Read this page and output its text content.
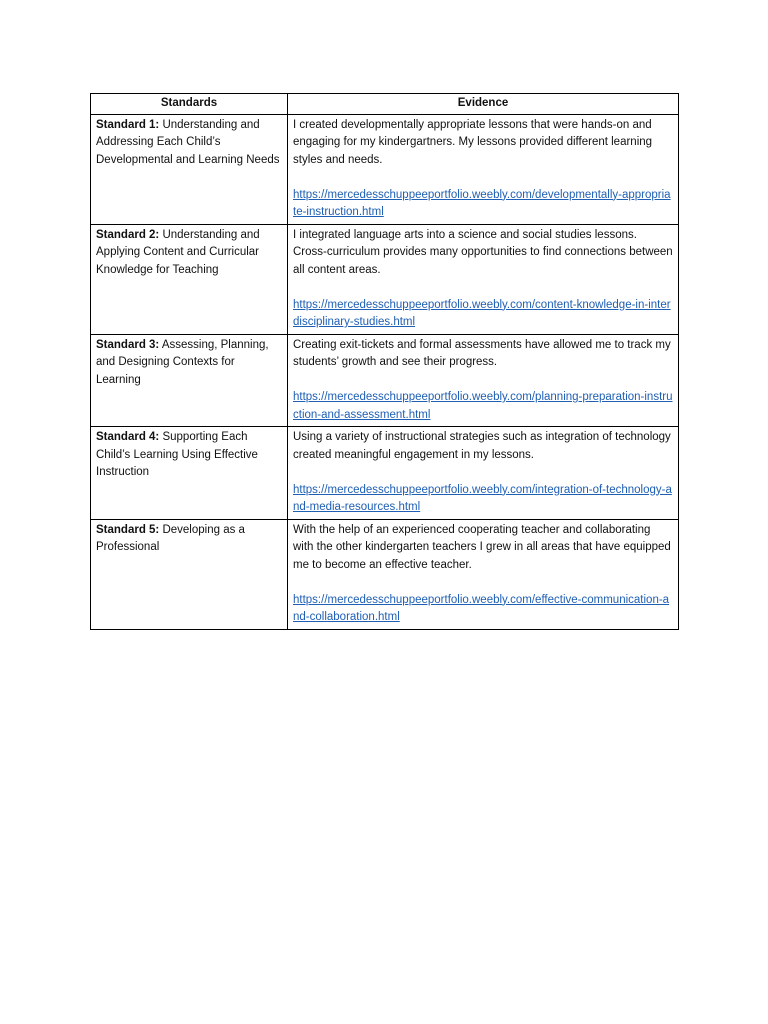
Standards	Evidence
Standard 1: Understanding and Addressing Each Child’s Developmental and Learning Needs	I created developmentally appropriate lessons that were hands-on and engaging for my kindergartners. My lessons provided different learning styles and needs.
https://mercedesschuppeeportfolio.weebly.com/developmentally-appropriate-instruction.html
Standard 2: Understanding and Applying Content and Curricular Knowledge for Teaching	I integrated language arts into a science and social studies lessons. Cross-curriculum provides many opportunities to find connections between all content areas.
https://mercedesschuppeeportfolio.weebly.com/content-knowledge-in-interdisciplinary-studies.html
Standard 3: Assessing, Planning, and Designing Contexts for Learning	Creating exit-tickets and formal assessments have allowed me to track my students’ growth and see their progress.
https://mercedesschuppeeportfolio.weebly.com/planning-preparation-instruction-and-assessment.html
Standard 4: Supporting Each Child’s Learning Using Effective Instruction	Using a variety of instructional strategies such as integration of technology created meaningful engagement in my lessons.
https://mercedesschuppeeportfolio.weebly.com/integration-of-technology-and-media-resources.html
Standard 5: Developing as a Professional	With the help of an experienced cooperating teacher and collaborating with the other kindergarten teachers I grew in all areas that have equipped me to become an effective teacher.
https://mercedesschuppeeportfolio.weebly.com/effective-communication-and-collaboration.html
